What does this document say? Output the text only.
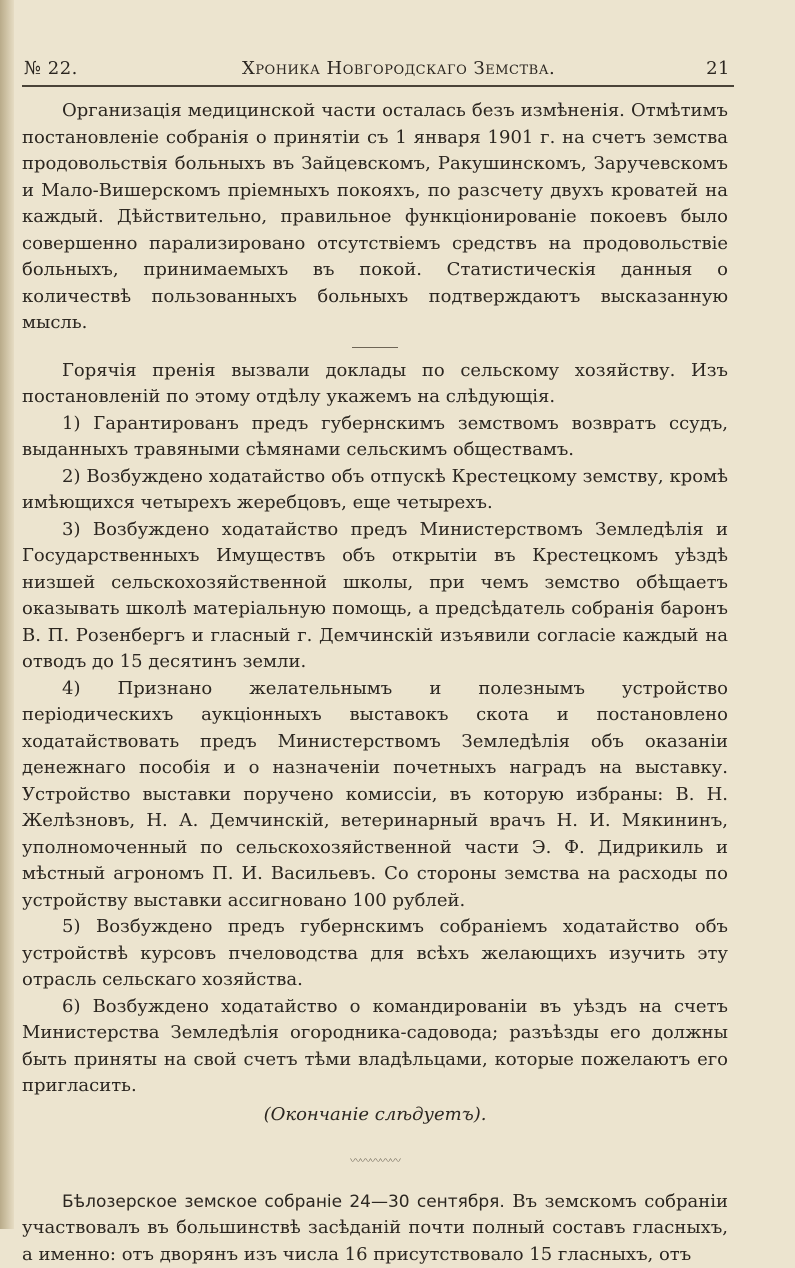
№ 22.	Хроника Новгородскаго Земства.	21

Организація медицинской части осталась безъ измѣненія. Отмѣтимъ постановленіе собранія о принятіи съ 1 января 1901 г. на счетъ земства продовольствія больныхъ въ Зайцевскомъ, Ракушинскомъ, Заручевскомъ и Мало-Вишерскомъ пріемныхъ покояхъ, по разсчету двухъ кроватей на каждый. Дѣйствительно, правильное функціонированіе покоевъ было совершенно парализировано отсутствіемъ средствъ на продовольствіе больныхъ, принимаемыхъ въ покой. Статистическія данныя о количествѣ пользованныхъ больныхъ подтверждаютъ высказанную мысль.

Горячія пренія вызвали доклады по сельскому хозяйству. Изъ постановленій по этому отдѣлу укажемъ на слѣдующія.

1) Гарантированъ предъ губернскимъ земствомъ возвратъ ссудъ, выданныхъ травяными сѣмянами сельскимъ обществамъ.

2) Возбуждено ходатайство объ отпускѣ Крестецкому земству, кромѣ имѣющихся четырехъ жеребцовъ, еще четырехъ.

3) Возбуждено ходатайство предъ Министерствомъ Земледѣлія и Государственныхъ Имуществъ объ открытіи въ Крестецкомъ уѣздѣ низшей сельскохозяйственной школы, при чемъ земство обѣщаетъ оказывать школѣ матеріальную помощь, а предсѣдатель собранія баронъ В. П. Розенбергъ и гласный г. Демчинскій изъявили согласіе каждый на отводъ до 15 десятинъ земли.

4) Признано желательнымъ и полезнымъ устройство періодическихъ аукціонныхъ выставокъ скота и постановлено ходатайствовать предъ Министерствомъ Земледѣлія объ оказаніи денежнаго пособія и о назначеніи почетныхъ наградъ на выставку. Устройство выставки поручено комиссіи, въ которую избраны: В. Н. Желѣзновъ, Н. А. Демчинскій, ветеринарный врачъ Н. И. Мякининъ, уполномоченный по сельскохозяйственной части Э. Ф. Дидрикиль и мѣстный агрономъ П. И. Васильевъ. Со стороны земства на расходы по устройству выставки ассигновано 100 рублей.

5) Возбуждено предъ губернскимъ собраніемъ ходатайство объ устройствѣ курсовъ пчеловодства для всѣхъ желающихъ изучить эту отрасль сельскаго хозяйства.

6) Возбуждено ходатайство о командированіи въ уѣздъ на счетъ Министерства Земледѣлія огородника-садовода; разъѣзды его должны быть приняты на свой счетъ тѣми владѣльцами, которые пожелаютъ его пригласить.

(Окончаніе слѣдуетъ).
〰〰〰〰〰

Бѣлозерское земское собраніе 24—30 сентября. Въ земскомъ собраніи участвовалъ въ большинствѣ засѣданій почти полный составъ гласныхъ, а именно: отъ дворянъ изъ числа 16 присутствовало 15 гласныхъ, отъ
